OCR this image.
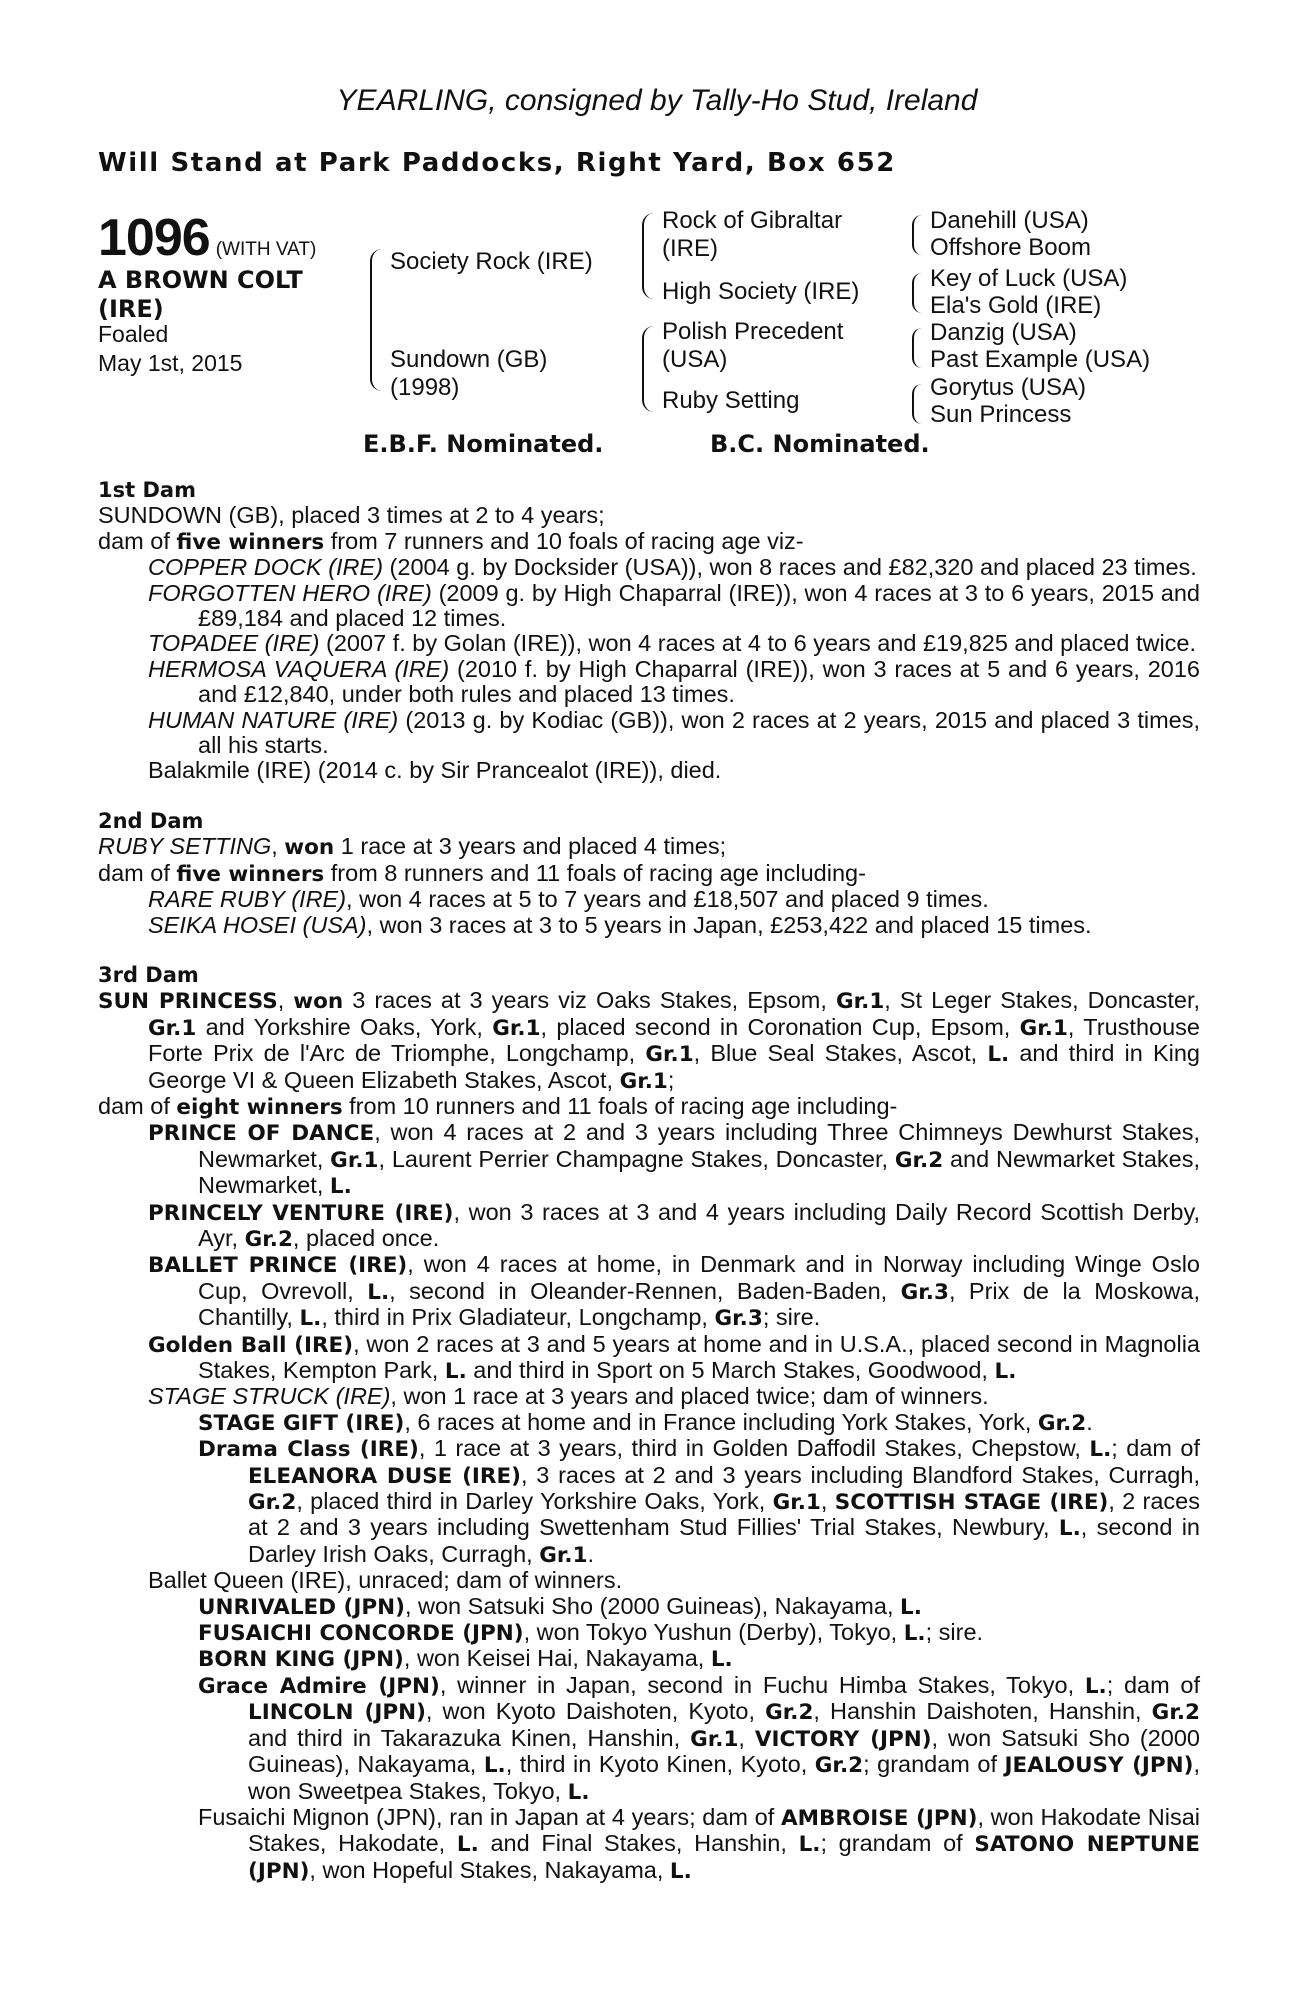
YEARLING, consigned by Tally-Ho Stud, Ireland
Will Stand at Park Paddocks, Right Yard, Box 652
1096 (WITH VAT)
A BROWN COLT
(IRE)
Foaled
May 1st, 2015
Society Rock (IRE)
Sundown (GB)
(1998)
Rock of Gibraltar
(IRE)
High Society (IRE)
Polish Precedent
(USA)
Ruby Setting
Danehill (USA)
Offshore Boom
Key of Luck (USA)
Ela's Gold (IRE)
Danzig (USA)
Past Example (USA)
Gorytus (USA)
Sun Princess
E.B.F. Nominated.	B.C. Nominated.

1st Dam

SUNDOWN (GB), placed 3 times at 2 to 4 years;

dam of five winners from 7 runners and 10 foals of racing age viz-

COPPER DOCK (IRE) (2004 g. by Docksider (USA)), won 8 races and £82,320 and placed 23 times.

FORGOTTEN HERO (IRE) (2009 g. by High Chaparral (IRE)), won 4 races at 3 to 6 years, 2015 and £89,184 and placed 12 times.

TOPADEE (IRE) (2007 f. by Golan (IRE)), won 4 races at 4 to 6 years and £19,825 and placed twice.

HERMOSA VAQUERA (IRE) (2010 f. by High Chaparral (IRE)), won 3 races at 5 and 6 years, 2016 and £12,840, under both rules and placed 13 times.

HUMAN NATURE (IRE) (2013 g. by Kodiac (GB)), won 2 races at 2 years, 2015 and placed 3 times, all his starts.

Balakmile (IRE) (2014 c. by Sir Prancealot (IRE)), died.

2nd Dam

RUBY SETTING, won 1 race at 3 years and placed 4 times;

dam of five winners from 8 runners and 11 foals of racing age including-

RARE RUBY (IRE), won 4 races at 5 to 7 years and £18,507 and placed 9 times.

SEIKA HOSEI (USA), won 3 races at 3 to 5 years in Japan, £253,422 and placed 15 times.

3rd Dam

SUN PRINCESS, won 3 races at 3 years viz Oaks Stakes, Epsom, Gr.1, St Leger Stakes, Doncaster, Gr.1 and Yorkshire Oaks, York, Gr.1, placed second in Coronation Cup, Epsom, Gr.1, Trusthouse Forte Prix de l'Arc de Triomphe, Longchamp, Gr.1, Blue Seal Stakes, Ascot, L. and third in King George VI & Queen Elizabeth Stakes, Ascot, Gr.1;

dam of eight winners from 10 runners and 11 foals of racing age including-

PRINCE OF DANCE, won 4 races at 2 and 3 years including Three Chimneys Dewhurst Stakes, Newmarket, Gr.1, Laurent Perrier Champagne Stakes, Doncaster, Gr.2 and Newmarket Stakes, Newmarket, L.

PRINCELY VENTURE (IRE), won 3 races at 3 and 4 years including Daily Record Scottish Derby, Ayr, Gr.2, placed once.

BALLET PRINCE (IRE), won 4 races at home, in Denmark and in Norway including Winge Oslo Cup, Ovrevoll, L., second in Oleander-Rennen, Baden-Baden, Gr.3, Prix de la Moskowa, Chantilly, L., third in Prix Gladiateur, Longchamp, Gr.3; sire.

Golden Ball (IRE), won 2 races at 3 and 5 years at home and in U.S.A., placed second in Magnolia Stakes, Kempton Park, L. and third in Sport on 5 March Stakes, Goodwood, L.

STAGE STRUCK (IRE), won 1 race at 3 years and placed twice; dam of winners.

STAGE GIFT (IRE), 6 races at home and in France including York Stakes, York, Gr.2.

Drama Class (IRE), 1 race at 3 years, third in Golden Daffodil Stakes, Chepstow, L.; dam of ELEANORA DUSE (IRE), 3 races at 2 and 3 years including Blandford Stakes, Curragh, Gr.2, placed third in Darley Yorkshire Oaks, York, Gr.1, SCOTTISH STAGE (IRE), 2 races at 2 and 3 years including Swettenham Stud Fillies' Trial Stakes, Newbury, L., second in Darley Irish Oaks, Curragh, Gr.1.

Ballet Queen (IRE), unraced; dam of winners.

UNRIVALED (JPN), won Satsuki Sho (2000 Guineas), Nakayama, L.

FUSAICHI CONCORDE (JPN), won Tokyo Yushun (Derby), Tokyo, L.; sire.

BORN KING (JPN), won Keisei Hai, Nakayama, L.

Grace Admire (JPN), winner in Japan, second in Fuchu Himba Stakes, Tokyo, L.; dam of LINCOLN (JPN), won Kyoto Daishoten, Kyoto, Gr.2, Hanshin Daishoten, Hanshin, Gr.2 and third in Takarazuka Kinen, Hanshin, Gr.1, VICTORY (JPN), won Satsuki Sho (2000 Guineas), Nakayama, L., third in Kyoto Kinen, Kyoto, Gr.2; grandam of JEALOUSY (JPN), won Sweetpea Stakes, Tokyo, L.

Fusaichi Mignon (JPN), ran in Japan at 4 years; dam of AMBROISE (JPN), won Hakodate Nisai Stakes, Hakodate, L. and Final Stakes, Hanshin, L.; grandam of SATONO NEPTUNE (JPN), won Hopeful Stakes, Nakayama, L.
